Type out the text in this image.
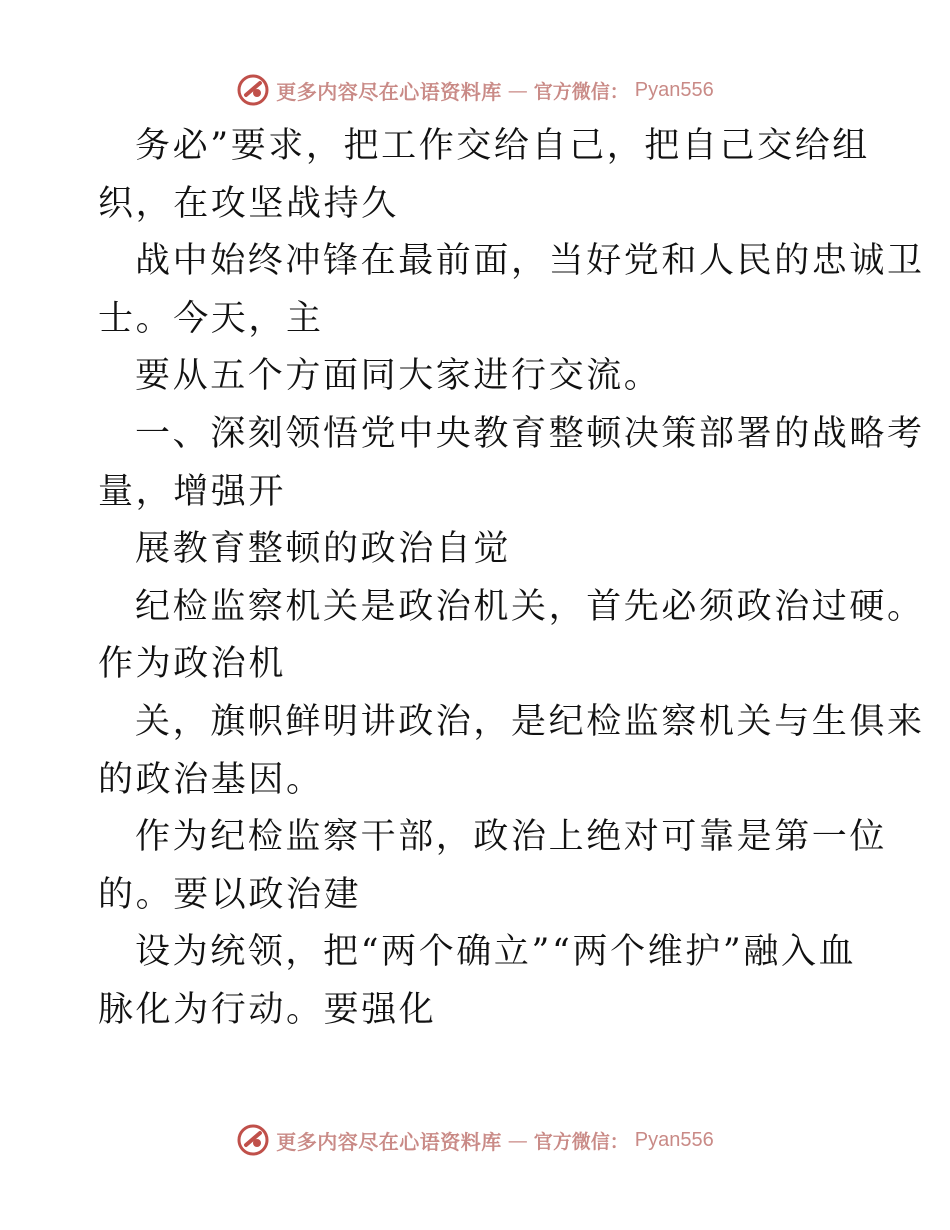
更多内容尽在心语资料库 — 官方微信： Pyan556

务必”要求，把工作交给自己，把自己交给组
织，在攻坚战持久

战中始终冲锋在最前面，当好党和人民的忠诚卫
士。今天，主

要从五个方面同大家进行交流。

一、深刻领悟党中央教育整顿决策部署的战略考
量，增强开

展教育整顿的政治自觉

纪检监察机关是政治机关，首先必须政治过硬。
作为政治机

关，旗帜鲜明讲政治，是纪检监察机关与生俱来
的政治基因。

作为纪检监察干部，政治上绝对可靠是第一位
的。要以政治建

设为统领，把“两个确立”“两个维护”融入血
脉化为行动。要强化

更多内容尽在心语资料库 — 官方微信： Pyan556
